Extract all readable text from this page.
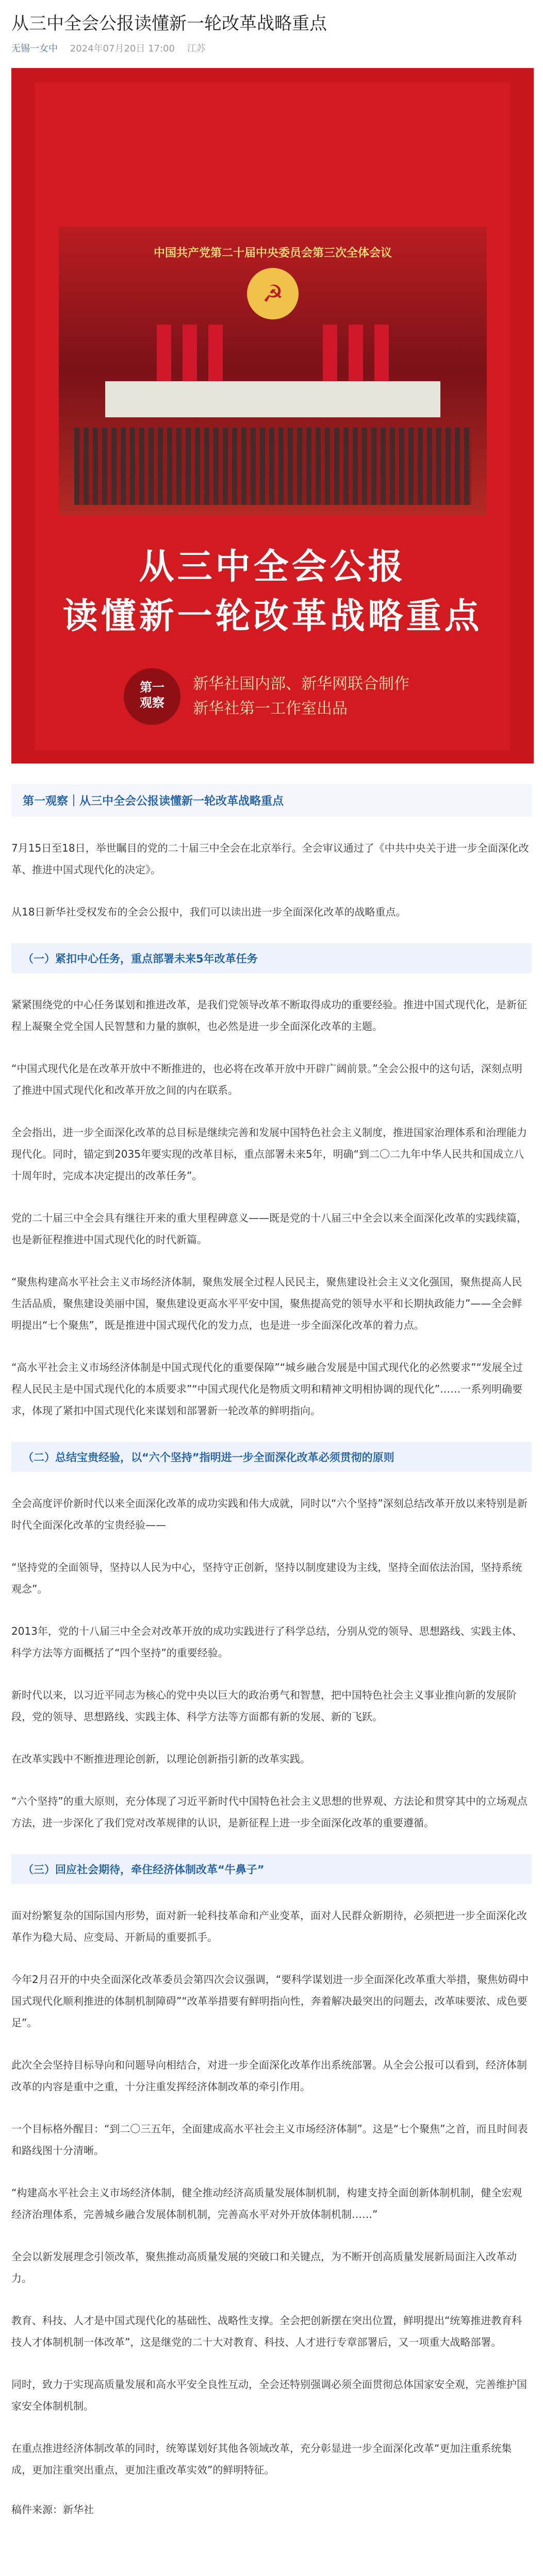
从三中全会公报读懂新一轮改革战略重点
无锡一女中 2024年07月20日 17:00 江苏
中国共产党第二十届中央委员会第三次全体会议
☭
从三中全会公报
读懂新一轮改革战略重点
第一
观察
新华社国内部、新华网联合制作
新华社第一工作室出品
第一观察｜从三中全会公报读懂新一轮改革战略重点

7月15日至18日，举世瞩目的党的二十届三中全会在北京举行。全会审议通过了《中共中央关于进一步全面深化改革、推进中国式现代化的决定》。

从18日新华社受权发布的全会公报中，我们可以读出进一步全面深化改革的战略重点。

（一）紧扣中心任务，重点部署未来5年改革任务

紧紧围绕党的中心任务谋划和推进改革，是我们党领导改革不断取得成功的重要经验。推进中国式现代化，是新征程上凝聚全党全国人民智慧和力量的旗帜，也必然是进一步全面深化改革的主题。

“中国式现代化是在改革开放中不断推进的，也必将在改革开放中开辟广阔前景。”全会公报中的这句话，深刻点明了推进中国式现代化和改革开放之间的内在联系。

全会指出，进一步全面深化改革的总目标是继续完善和发展中国特色社会主义制度，推进国家治理体系和治理能力现代化。同时，锚定到2035年要实现的改革目标，重点部署未来5年，明确“到二〇二九年中华人民共和国成立八十周年时，完成本决定提出的改革任务”。

党的二十届三中全会具有继往开来的重大里程碑意义——既是党的十八届三中全会以来全面深化改革的实践续篇，也是新征程推进中国式现代化的时代新篇。

“聚焦构建高水平社会主义市场经济体制，聚焦发展全过程人民民主，聚焦建设社会主义文化强国，聚焦提高人民生活品质，聚焦建设美丽中国，聚焦建设更高水平平安中国，聚焦提高党的领导水平和长期执政能力”——全会鲜明提出“七个聚焦”，既是推进中国式现代化的发力点，也是进一步全面深化改革的着力点。

“高水平社会主义市场经济体制是中国式现代化的重要保障”“城乡融合发展是中国式现代化的必然要求”“发展全过程人民民主是中国式现代化的本质要求”“中国式现代化是物质文明和精神文明相协调的现代化”……一系列明确要求，体现了紧扣中国式现代化来谋划和部署新一轮改革的鲜明指向。

（二）总结宝贵经验，以“六个坚持”指明进一步全面深化改革必须贯彻的原则

全会高度评价新时代以来全面深化改革的成功实践和伟大成就，同时以“六个坚持”深刻总结改革开放以来特别是新时代全面深化改革的宝贵经验——

“坚持党的全面领导，坚持以人民为中心，坚持守正创新，坚持以制度建设为主线，坚持全面依法治国，坚持系统观念”。

2013年，党的十八届三中全会对改革开放的成功实践进行了科学总结，分别从党的领导、思想路线、实践主体、科学方法等方面概括了“四个坚持”的重要经验。

新时代以来，以习近平同志为核心的党中央以巨大的政治勇气和智慧，把中国特色社会主义事业推向新的发展阶段，党的领导、思想路线、实践主体、科学方法等方面都有新的发展、新的飞跃。

在改革实践中不断推进理论创新，以理论创新指引新的改革实践。

“六个坚持”的重大原则，充分体现了习近平新时代中国特色社会主义思想的世界观、方法论和贯穿其中的立场观点方法，进一步深化了我们党对改革规律的认识，是新征程上进一步全面深化改革的重要遵循。

（三）回应社会期待，牵住经济体制改革“牛鼻子”

面对纷繁复杂的国际国内形势，面对新一轮科技革命和产业变革，面对人民群众新期待，必须把进一步全面深化改革作为稳大局、应变局、开新局的重要抓手。

今年2月召开的中央全面深化改革委员会第四次会议强调，“要科学谋划进一步全面深化改革重大举措，聚焦妨碍中国式现代化顺利推进的体制机制障碍”“改革举措要有鲜明指向性，奔着解决最突出的问题去，改革味要浓、成色要足”。

此次全会坚持目标导向和问题导向相结合，对进一步全面深化改革作出系统部署。从全会公报可以看到，经济体制改革的内容是重中之重，十分注重发挥经济体制改革的牵引作用。

一个目标格外醒目：“到二〇三五年，全面建成高水平社会主义市场经济体制”。这是“七个聚焦”之首，而且时间表和路线图十分清晰。

“构建高水平社会主义市场经济体制，健全推动经济高质量发展体制机制，构建支持全面创新体制机制，健全宏观经济治理体系，完善城乡融合发展体制机制，完善高水平对外开放体制机制……”

全会以新发展理念引领改革，聚焦推动高质量发展的突破口和关键点，为不断开创高质量发展新局面注入改革动力。

教育、科技、人才是中国式现代化的基础性、战略性支撑。全会把创新摆在突出位置，鲜明提出“统筹推进教育科技人才体制机制一体改革”，这是继党的二十大对教育、科技、人才进行专章部署后，又一项重大战略部署。

同时，致力于实现高质量发展和高水平安全良性互动，全会还特别强调必须全面贯彻总体国家安全观，完善维护国家安全体制机制。

在重点推进经济体制改革的同时，统筹谋划好其他各领域改革，充分彰显进一步全面深化改革“更加注重系统集成，更加注重突出重点，更加注重改革实效”的鲜明特征。

稿件来源：新华社
